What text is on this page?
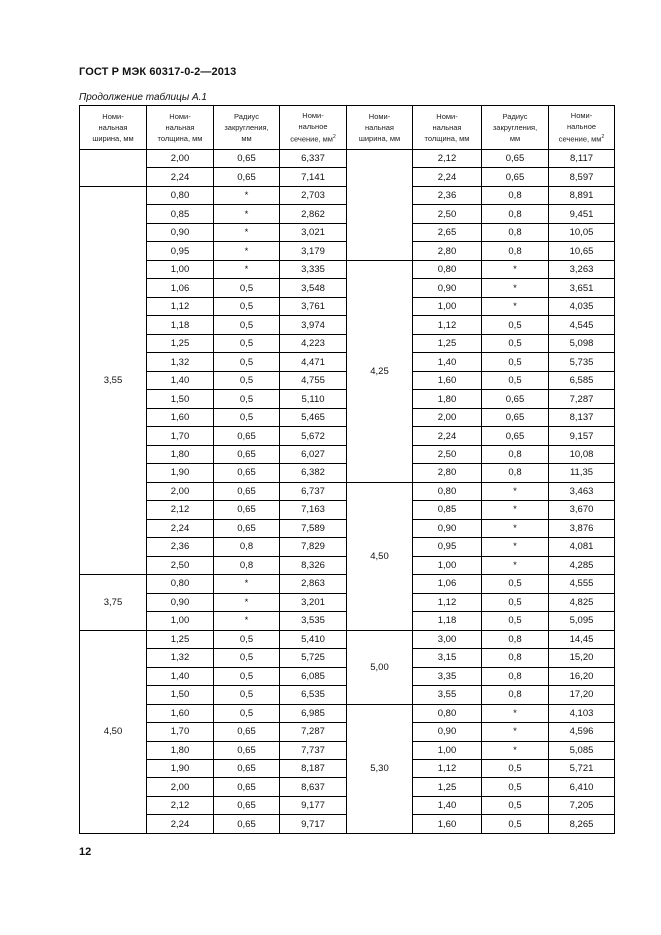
ГОСТ Р МЭК 60317-0-2—2013
Продолжение таблицы А.1
Номи-
нальная
ширина, мм	Номи-
нальная
толщина, мм	Радиус
закругления,
мм	Номи-
нальное
сечение, $мм^2$	Номи-
нальная
ширина, мм	Номи-
нальная
толщина, мм	Радиус
закругления,
мм	Номи-
нальное
сечение, $мм^2$
	2,00	0,65	6,337		2,12	0,65	8,117
	2,24	0,65	7,141		2,24	0,65	8,597
3,55	0,80	*	2,703		2,36	0,8	8,891
	0,85	*	2,862		2,50	0,8	9,451
	0,90	*	3,021		2,65	0,8	10,05
	0,95	*	3,179		2,80	0,8	10,65
	1,00	*	3,335	4,25	0,80	*	3,263
	1,06	0,5	3,548		0,90	*	3,651
	1,12	0,5	3,761		1,00	*	4,035
	1,18	0,5	3,974		1,12	0,5	4,545
	1,25	0,5	4,223		1,25	0,5	5,098
	1,32	0,5	4,471		1,40	0,5	5,735
	1,40	0,5	4,755		1,60	0,5	6,585
	1,50	0,5	5,110		1,80	0,65	7,287
	1,60	0,5	5,465		2,00	0,65	8,137
	1,70	0,65	5,672		2,24	0,65	9,157
	1,80	0,65	6,027		2,50	0,8	10,08
	1,90	0,65	6,382		2,80	0,8	11,35
	2,00	0,65	6,737	4,50	0,80	*	3,463
	2,12	0,65	7,163		0,85	*	3,670
	2,24	0,65	7,589		0,90	*	3,876
	2,36	0,8	7,829		0,95	*	4,081
	2,50	0,8	8,326		1,00	*	4,285
3,75	0,80	*	2,863		1,06	0,5	4,555
	0,90	*	3,201		1,12	0,5	4,825
	1,00	*	3,535		1,18	0,5	5,095
4,50	1,25	0,5	5,410	5,00	3,00	0,8	14,45
	1,32	0,5	5,725		3,15	0,8	15,20
	1,40	0,5	6,085		3,35	0,8	16,20
	1,50	0,5	6,535		3,55	0,8	17,20
	1,60	0,5	6,985	5,30	0,80	*	4,103
	1,70	0,65	7,287		0,90	*	4,596
	1,80	0,65	7,737		1,00	*	5,085
	1,90	0,65	8,187		1,12	0,5	5,721
	2,00	0,65	8,637		1,25	0,5	6,410
	2,12	0,65	9,177		1,40	0,5	7,205
	2,24	0,65	9,717		1,60	0,5	8,265
12
